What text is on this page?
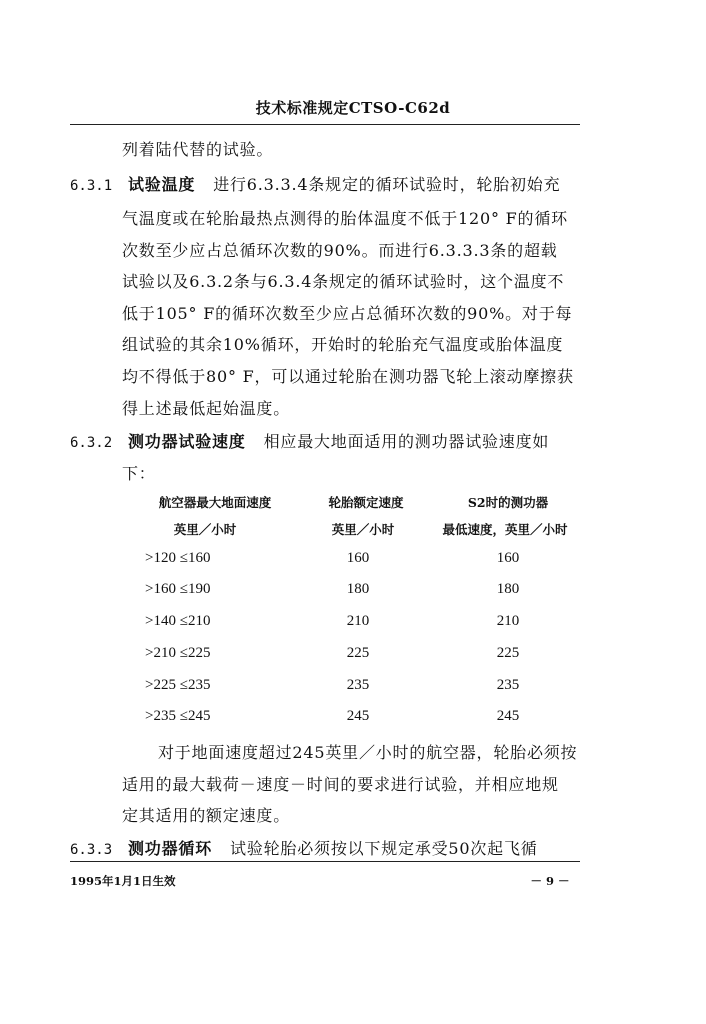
技术标准规定CTSO-C62d
列着陆代替的试验。
6.3.1 试验温度 进行6.3.3.4条规定的循环试验时，轮胎初始充
气温度或在轮胎最热点测得的胎体温度不低于120° F的循环
次数至少应占总循环次数的90%。而进行6.3.3.3条的超载
试验以及6.3.2条与6.3.4条规定的循环试验时，这个温度不
低于105° F的循环次数至少应占总循环次数的90%。对于每
组试验的其余10%循环，开始时的轮胎充气温度或胎体温度
均不得低于80° F，可以通过轮胎在测功器飞轮上滚动摩擦获
得上述最低起始温度。
6.3.2 测功器试验速度 相应最大地面适用的测功器试验速度如
下：
航空器最大地面速度	轮胎额定速度	S2时的测功器
英里／小时	英里／小时	最低速度，英里／小时
>120 ≤160	160	160
>160 ≤190	180	180
>140 ≤210	210	210
>210 ≤225	225	225
>225 ≤235	235	235
>235 ≤245	245	245
对于地面速度超过245英里／小时的航空器，轮胎必须按
适用的最大载荷－速度－时间的要求进行试验，并相应地规
定其适用的额定速度。
6.3.3 测功器循环 试验轮胎必须按以下规定承受50次起飞循
1995年1月1日生效	－ 9 －
